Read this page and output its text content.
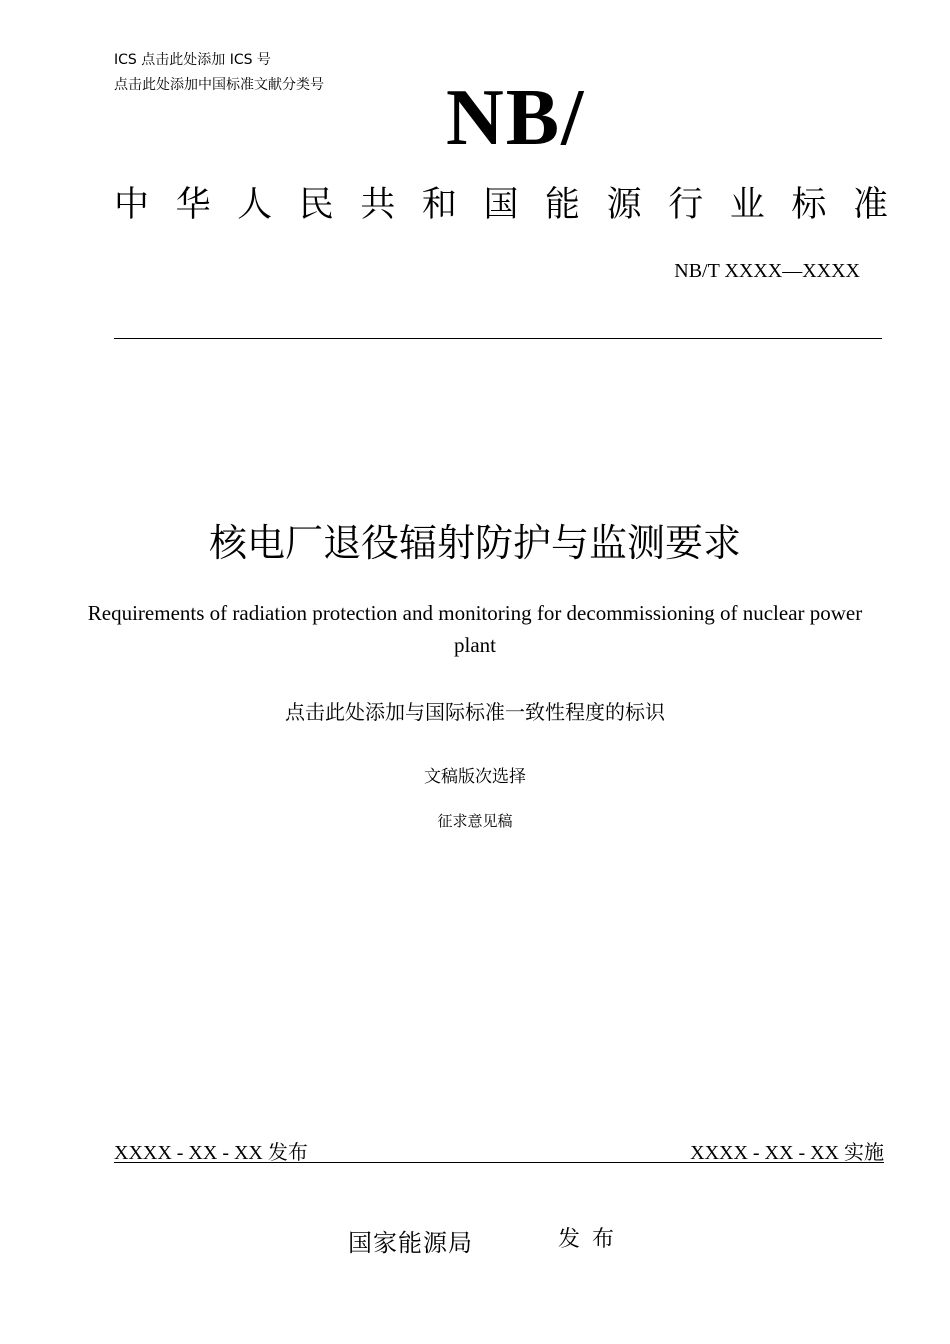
ICS 点击此处添加 ICS 号
点击此处添加中国标准文献分类号 NB/
中 华 人 民 共 和 国 能 源 行 业 标 准
NB/T XXXX—XXXX
核电厂退役辐射防护与监测要求
Requirements of radiation protection and monitoring for decommissioning of nuclear power plant
点击此处添加与国际标准一致性程度的标识
文稿版次选择
征求意见稿
XXXX - XX - XX 发布	XXXX - XX - XX 实施
国家能源局	发布
